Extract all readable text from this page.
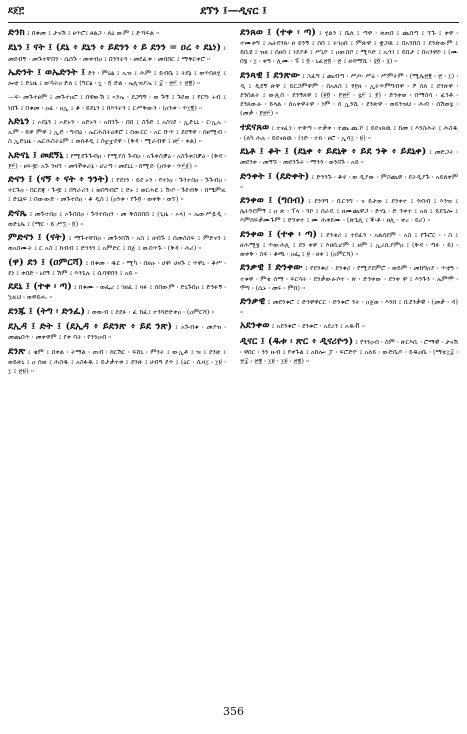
ደጀ፫	ደኘን ፤—ዲናር ፤

ድንክ ፤ በቁመ ፤ ታናሽ ፤ ፀጥሮ፤ ፀልጋ ፡ ለዕ ውም ፤ ድኻፍል ።

ደኒን ፤ ናት ፤ (ደኒ ፥ ደኒን ፥ ይደንን ፥ ይ ደንን = ዐረ ፥ ደኒነ) ፤ መደብኝ ፡ መጉተቸበን ፡ ሴሰጉ ፡ መቀብዐ ፤ በንንትን ፡ መደፈቱ ፡ መበበር ፤ ማቅርቀሮ ።

ኤድንት ፤ ወኤድንት ፤ ድነ ፡ ምዕፅ ፤ ኡዝ ፤ ሕም ፤ ይብቤ ፤ ትደኔ ፤ ወጥበጸሂ ፤ ሎቲ ፤ ድኒዜ ፤ ወኻትዐ ድለ ፤ (ግርፅ ፡ ኗ ፡ ፬ ድል ፡ ኤሊዝያኤ ፤ ፰ ፡ ፳፫ ፥ ፳፪) ።

—ፍ፡ መጉተፀም ፤ መጉተዐሮ ፤ በዋውሽ ፤ ኣንኤ ፡ ደጋግኝ ፡ ወ ጉኝ ፤ ጉደወ ፤ የርግ፡ ኑብ ፤ ነበጉ ፤ በቁመ ፡ ዐፈ ፡ ዐኢ ፤ ቆ ፡ ይደኒን ፤ በእንትን ፤ ርሥቅውን ፡ (ዐንቱ ፡ ጥ፲፪) ።

አድኒን ፤ ኦደኔን ፤ ኦድኑን ፡ አድኑን ፡ አበንጉ ፡ በበ ፤ ስጉድ ፤ አስገደ ፡ ኢድኒኒ ፡ ር፡ኢኡ ፡ ኡም ፡ ይዋ ምዋ ፤ ኢድ ፡ ግብዕ ፡ ኤርሕስትዕዋሮ ፤ በውርር ፡ አር ቡጥ ፤ ደደኝዋ ፡ ሰፀሚብ ፡ ስ ኢድኒዜ ፡ ኤርሕስትዕም ፤ ወሰቶዲ ፤ ሰቷቷደዋ ፡ (ቅዳ ፡ ሚራብዋ ፤ ፀ፫ ፡ ቀል) ።

አድናኒ ፤ መደኝኒ ፤ የሚደጉጉብዐ ፡ የሚያስ ጉብዐ ፡ አጉቀስቓዕ ፡ አስጉቀስቓዕ ፡ (ቅዳ ፡ ፻፫) ፡ ፀፍ፡ቿ፡ አጉ ንዛኘ ፡ መጎችቀራኔ ፡ ሆረጣ ፡ መደኒኒ ፡ ከሚደ፡ (ዐንቱ ፡ ጥ፫፩) ።

ድናን ፤ (ናኝ ፥ ናት ፥ ንንት) ፤ የደነን ፡ ይደ ኑን ፡ የተነዐ ፡ ጉንተበዐ ፡ ጉጉብዐ ፡ ተርጉዐ ፡ በርደጃ ፡ ጉ፡ቿ ፤ በግራሪን ፤ ወበግብሮ ፤ ድኑ ፤ ወርሕዩ ፤ ሽ፡ቦ ፡ ጉደብቅ ፡ በሜምዚ ፤ ድኒኔፍ ፤ በውውድ ፡ መጉተበዐ ፡ ቆ ዲስ ፤ (ዐንቱ ፡ የጉ፬ ፡ ወቀቅ ፡ ወኘ) ።

ድናጼ ፤ መጉተበዐ ፤ ኦጉበበዐ ፡ ጉንተበዐን ፡ መ ቅስስበበ ፤ (ጊዜ ፡ ኦላ) ። ኤውሥዷዲ ፡ ወድኒጼ ፤ (ማር ፡ ይ ሥ፺ ፡ ፬) ።

ምድናን ፤ (ናት) ፤ ማጉተቸበዐ ፡ መጉንበሽ ፡ አስ ፤ ዘብጉ ፤ ሰመስስፍ ፤ ምድናን ፤ ወአበሙት ፤ ር አስ ፤ ከብብ ፤ ድንንን ፤ አምድር ፤ በጀ ፤ ውበጥጉ ፡ (ቅዳ ፡ ሕሪ) ።

(ዋ) ደን ፤ (ዐምርሻ) ፤ በቁመ ፡ ዱር ፡ ሚካ ፡ በዘዑ ፡ ሀዋ፡ ሀዛጉ ፤ ጥዋኒ ፡ ቆሥ ፡ ደነ ፤ ቀበድ ፡ ኑደኝ ፤ ሽም ፤ እንጌሉ ፤ ሲባዋበን ፤ አይ ።

ደደኒ ፤ (ተቀ ፡ ጣ) ፤ በቁሙ ፡ ወፌረ ፤ ገዘፈ ፤ ዛፉ ፤ ሰበውም ፡ ድኒጉበዐ ፤ ድንፉኝ ፡ ኳዚህ ፡ ወዋይሑ ።

ደንጁ ፤ (ትግ ፡ ድንፈ) ፤ ወውብ ፤ ደደፉ ፡ ፈ ከፈ፤ ተንጓድድቀዐ ፡ (ዐምርሻ) ።

ደኢዳ ፤ ድት ፤ (ደኢዳ ፥ ይደንጽ ፥ ይደ ንጽ) ፤ አጉብቁ ፡ መያዝ ፡ መጨበጥ ፡ መቀዋም ፤ የቀ ባት ፡ የንንዐብ ።

ደንጽ ፤ ቄም ፤ በቀል ፡ ትማል ፡ ጠብ ፡ ከርሽር ፡ ፍሸኒ ፡ ምንት ፤ ውኢቶ ፤ ዝ ፤ ደንጽ ፤ ወይጽኒ ፤ ዐ ሰወ ፤ ሕስዱ ፤ አስፋዱ ፤ ይታቃተቱ ፤ ደንጽ ፤ ሀብዓ ደጥ ፤ (ዕር ፡ ሲዛ፲ ፡ ፲፱ ፡ ፲ ፤ ፳፱) ።

ደንጸወ ፤ (ተቀ ፡ ጣ) ፤ ሂልን ፤ ቤለ ፤ ጣዋ ፡ ቂጠበ ፤ ጨበጣ ፤ ኘጉ ፤ ቀዋ ፡ ተሙቀግ ፤ ኤትደንጸ፡ ፀ ይንኝ ፤ ሰበ ፤ ትገዐበ ፤ ምጽዋ ፤ ቋጋዉ ፤ በአንበስ ፤ ደንጽውም ፤ ይቢዩ ፤ ዝፀ ፤ ሰፀበ ፤ ነደያቶ ፤ ሥኒዮ ፤ ዐውስቦ ፤ ሚእድ ፤ ኡጎገ ፤ ይበታ ፤ በአንዋኮ ፤ (ሙ በ፮ ፡ ፲ ፡ ቀዓ ፡ ሊሙ ፡ ፑ ፤ ፬ ፡ ኒፈ፳፬ ፡ ፳ ፤ ዘዳማሺ ፡ ፶፬ ፡ ፶) ።

ደንጻዊ ፤ ደንጽው ፤ ኋፈግ ፤ ጨብጣ ፡ ሥጦ፡ ሥዕ ፡ ሥምትም ፡ (ሚሌ፳፪ ፡ ፳ ፡ ፲) ፡ ዲ ፤ ዲደኝ ጽዋ ፤ ይርጋምዋም ፡ በአለስ ፤ ፃ፻ዘ ፡ ኢትጥምግብዋ ፡ ፆ ስለ ፤ ደንጽዋ ፡ ደንበልት ፤ ውጺበ ፡ ደንኝጸዋ ፤ (፱፬ ፡ ፻፳፫ ፡ ፯፫ ፤ ፻) ፡ ድንቀወ ፡ በማስሳ ፡ ፈንቶ ፡ ደንጸውፁ ፡ ይላል ፡ ሰአቀዋትዋ ፡ ነም ፡ ሰ ኢንሺ ፡ ደንጽዋ ፡ ወይንዝህ ፡ ሕብ ፡ ሰሽወ፯ ፡ (መቃ ፡ ፻፳፫) ።

ተደናጸወ ፤ ተናፈገ ፡ ተዋጣ ፡ ተቃቀ ፡ ተጨ ጪኾ ፤ ይደናጸዉ ፤ ከመ ፤ እንስሕት ፤ ሕስዱ ፡ (ለካ ሕሉ ፡ ይደናጸዉ ፡ (ገድ ፡ ተክ ፡ ፀሮ ፡ ኢሳ፲ ፡ ፱) ።

ደኒቶ ፤ ቆት ፤ (ደኒቀ ፥ ይደኒቅ ፥ ይደ ንቅ ፥ ይደኒቀ) ፤ መድጋት ፡ መደንቀ ፡ መኝኙ ፡ መደንጉት ፡ ማንጎ ፡ ወንበጉ ፡ አይ ።

ድንቀት ፤ (ደድቀት) ፤ ድንንጉ ፡ ቆኖ ፡ ወ ዲያው ፡ ምስጨዋ ፡ ደትዲያጉ ፡ አይለቀም ።

ደንቀወ ፤ (ግበብ) ፤ ደንንግ ፡ ቢርንግ ፡ ና ይታወ ፤ ደንቀተ ፤ ጎብብ ፤ እንዝ ፤ ሌትንደምኝ ፤ ዐ ጽ ፡ ፕላ ፡ ንኮ ፤ ሰራዴ ፤ ዘሙጨዋጋ ፡ ድሃኔ ፡ ድ ንቀተ ፤ አለ ፤ ይደጌሎ ፤ እምሰፍቃሙጉም ፤ ድንቀተ ፤ ሙ ሕቀደሙ ፡ (ጽጌሊ ፤ ኞ፡ቶ ፡ ዘሊ ፡ ቀረ ፡ ይሪ) ።

ደንቀወ ፤ (ተቀ ፡ ጣ) ፤ ደንቂሪ ፤ ተደፈን ፡ አልሰደም ፡ አስ ፤ የጉሮር ፡ ፡ ስ ፤ ዘሕሚ፮ ፤ ጥውሕሊ ፤ ደን ቀዋ ፤ እዘቢሆም ፤ ዘም ፤ ኢረሲያምዐ ፤ (ቅዳ ፡ ጣፉ ፡ ይ) ፡ ወቀቅ ፡ ስፍ ፡ ቆጫ ፡ ዐፌ ፤ ፱ ፡ ፀቀ ፤ (ዐምርሻ) ።

ደንቃዊ ፤ ድንቀው ፤ የደንቁሪ ፡ ደንቁሪ ፡ የሚያደምሮ ፡ ወይም ፡ መከግዐያ ፡ ጥቲዓ ፡ ተቁዋ ፡ ምቂ ሰማ ፡ ፍርሳት ፡ ደንቃውፁሶተ ፡ ጽ ፡ ድንቀው ፡ ደንቀ ዋ ፤ እንጉን ፡ ኤምሞ ፡ ሞግ ፡ (ሴኑ ፡ መሩ ፡ ምበ) ።

ድንቃዊ ፤ መደንቁሮ ፤ ድንዋዋርር ፡ ድንቁሮ ንት ፡ ዐጀወ ፡ እንበ ፤ ቢደንቃዊ ፡ (መቃ ፡ ዳ) ።

አደንቀወ ፤ አደንቁሮ ፡ ደንቁሮ ፡ አደረን ፤ አዱቭ ።

ዲናር ፤ (ዱቱ ፡ ጽር ፥ ዲናሪዮን) ፤ የንንዐብ ፡ ስም ፡ ጽርእቢ ፡ ሮማዊ ፡ ታናሽ ፡ ዋበር ፡ ንን ዙብ ፤ የቀጉል ፤ አከሎ፡ ፓ ፡ ፍሮድዮ ፤ አለይ ፡ ውድቤዶ ፡ ይዱዐቤ ፡ (ማቴ፲፰ ፡ ፳፰ ፡ ፳፪ ፡ ፲፱ ፡ ፲፱ ፡ ፳፪) ።

356
